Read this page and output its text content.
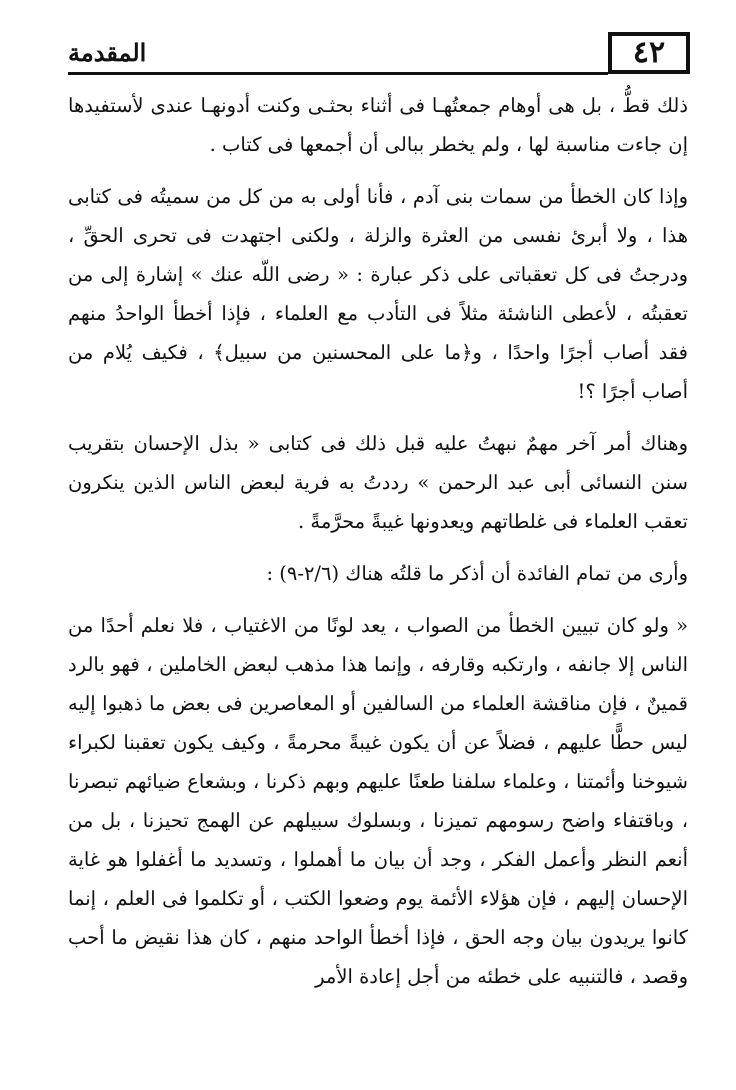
٤٢
المقدمة

ذلك قطُّ ، بل هى أوهام جمعتُهـا فى أثناء بحثـى وكنت أدونهـا عندى لأستفيدها إن جاءت مناسبة لها ، ولم يخطر ببالى أن أجمعها فى كتاب .

وإذا كان الخطأ من سمات بنى آدم ، فأنا أولى به من كل من سميتُه فى كتابى هذا ، ولا أبرئ نفسى من العثرة والزلة ، ولكنى اجتهدت فى تحرى الحقِّ ، ودرجتُ فى كل تعقباتى على ذكر عبارة : « رضى اللّه عنك » إشارة إلى من تعقبتُه ، لأعطى الناشئة مثلاً فى التأدب مع العلماء ، فإذا أخطأ الواحدُ منهم فقد أصاب أجرًا واحدًا ، و﴿ما على المحسنين من سبيل﴾ ، فكيف يُلام من أصاب أجرًا ؟!

وهناك أمر آخر مهمٌ نبهتُ عليه قبل ذلك فى كتابى « بذل الإحسان بتقريب سنن النسائى أبى عبد الرحمن » رددتُ به فرية لبعض الناس الذين ينكرون تعقب العلماء فى غلطاتهم ويعدونها غيبةً محرَّمةً .

وأرى من تمام الفائدة أن أذكر ما قلتُه هناك (٢/٦-٩) :

« ولو كان تبيين الخطأ من الصواب ، يعد لونًا من الاغتياب ، فلا نعلم أحدًا من الناس إلا جانفه ، وارتكبه وقارفه ، وإنما هذا مذهب لبعض الخاملين ، فهو بالرد قمينٌ ، فإن مناقشة العلماء من السالفين أو المعاصرين فى بعض ما ذهبوا إليه ليس حطًّا عليهم ، فضلاً عن أن يكون غيبةً محرمةً ، وكيف يكون تعقبنا لكبراء شيوخنا وأئمتنا ، وعلماء سلفنا طعنًا عليهم وبهم ذكرنا ، وبشعاع ضيائهم تبصرنا ، وباقتفاء واضح رسومهم تميزنا ، وبسلوك سبيلهم عن الهمج تحيزنا ، بل من أنعم النظر وأعمل الفكر ، وجد أن بيان ما أهملوا ، وتسديد ما أغفلوا هو غاية الإحسان إليهم ، فإن هؤلاء الأئمة يوم وضعوا الكتب ، أو تكلموا فى العلم ، إنما كانوا يريدون بيان وجه الحق ، فإذا أخطأ الواحد منهم ، كان هذا نقيض ما أحب وقصد ، فالتنبيه على خطئه من أجل إعادة الأمر
